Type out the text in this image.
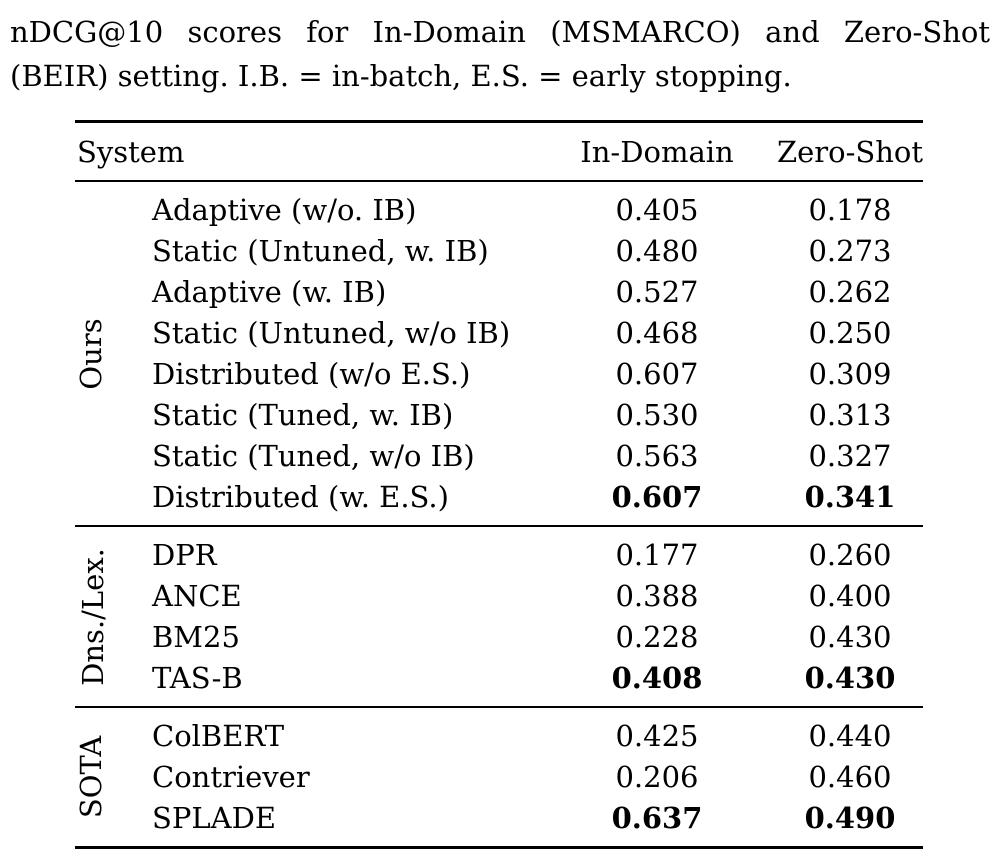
nDCG@10 scores for In-Domain (MSMARCO) and Zero-Shot
(BEIR) setting. I.B. = in-batch, E.S. = early stopping.

System	In-Domain Zero-Shot
Ours
Adaptive (w/o. IB)	0.405	0.178
Static (Untuned, w. IB)	0.480	0.273
Adaptive (w. IB)	0.527	0.262
Static (Untuned, w/o IB)	0.468	0.250
Distributed (w/o E.S.)	0.607	0.309
Static (Tuned, w. IB)	0.530	0.313
Static (Tuned, w/o IB)	0.563	0.327
Distributed (w. E.S.)	0.607	0.341
Dns./Lex. DPR	0.177	0.260
ANCE	0.388	0.400
BM25	0.228	0.430
TAS-B	0.408	0.430
SOTA ColBERT	0.425	0.440
Contriever	0.206	0.460
SPLADE	0.637	0.490
